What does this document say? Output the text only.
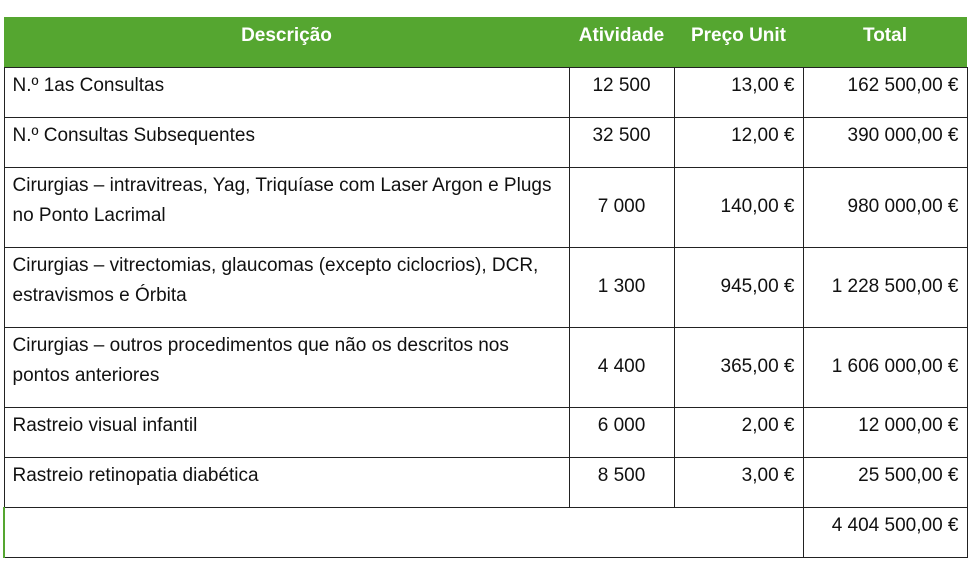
Descrição	Atividade	Preço Unit	Total
N.º 1as Consultas	12 500	13,00 €	162 500,00 €
N.º Consultas Subsequentes	32 500	12,00 €	390 000,00 €
Cirurgias – intravitreas, Yag, Triquíase com Laser Argon e Plugs no Ponto Lacrimal	7 000	140,00 €	980 000,00 €
Cirurgias – vitrectomias, glaucomas (excepto ciclocrios), DCR, estravismos e Órbita	1 300	945,00 €	1 228 500,00 €
Cirurgias – outros procedimentos que não os descritos nos pontos anteriores	4 400	365,00 €	1 606 000,00 €
Rastreio visual infantil	6 000	2,00 €	12 000,00 €
Rastreio retinopatia diabética	8 500	3,00 €	25 500,00 €
			4 404 500,00 €
